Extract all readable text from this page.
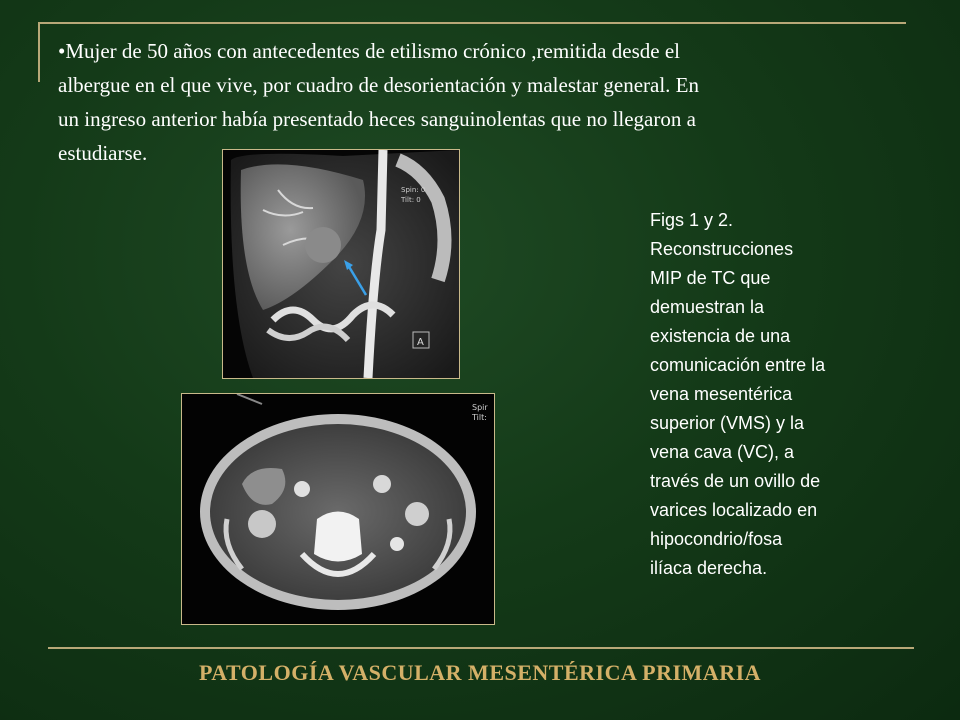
•Mujer de 50 años con antecedentes de etilismo crónico ,remitida desde el
albergue en el que vive, por cuadro de desorientación y malestar general. En
un ingreso anterior había presentado heces sanguinolentas que no llegaron a
estudiarse.

Spin: 0
Tilt: 0
A
Spir
Tilt:
Figs 1 y 2.
Reconstrucciones
MIP de TC que
demuestran la
existencia de una
comunicación entre la
vena mesentérica
superior (VMS) y la
vena cava (VC), a
través de un ovillo de
varices localizado en
hipocondrio/fosa
ilíaca derecha.
PATOLOGÍA VASCULAR MESENTÉRICA PRIMARIA
